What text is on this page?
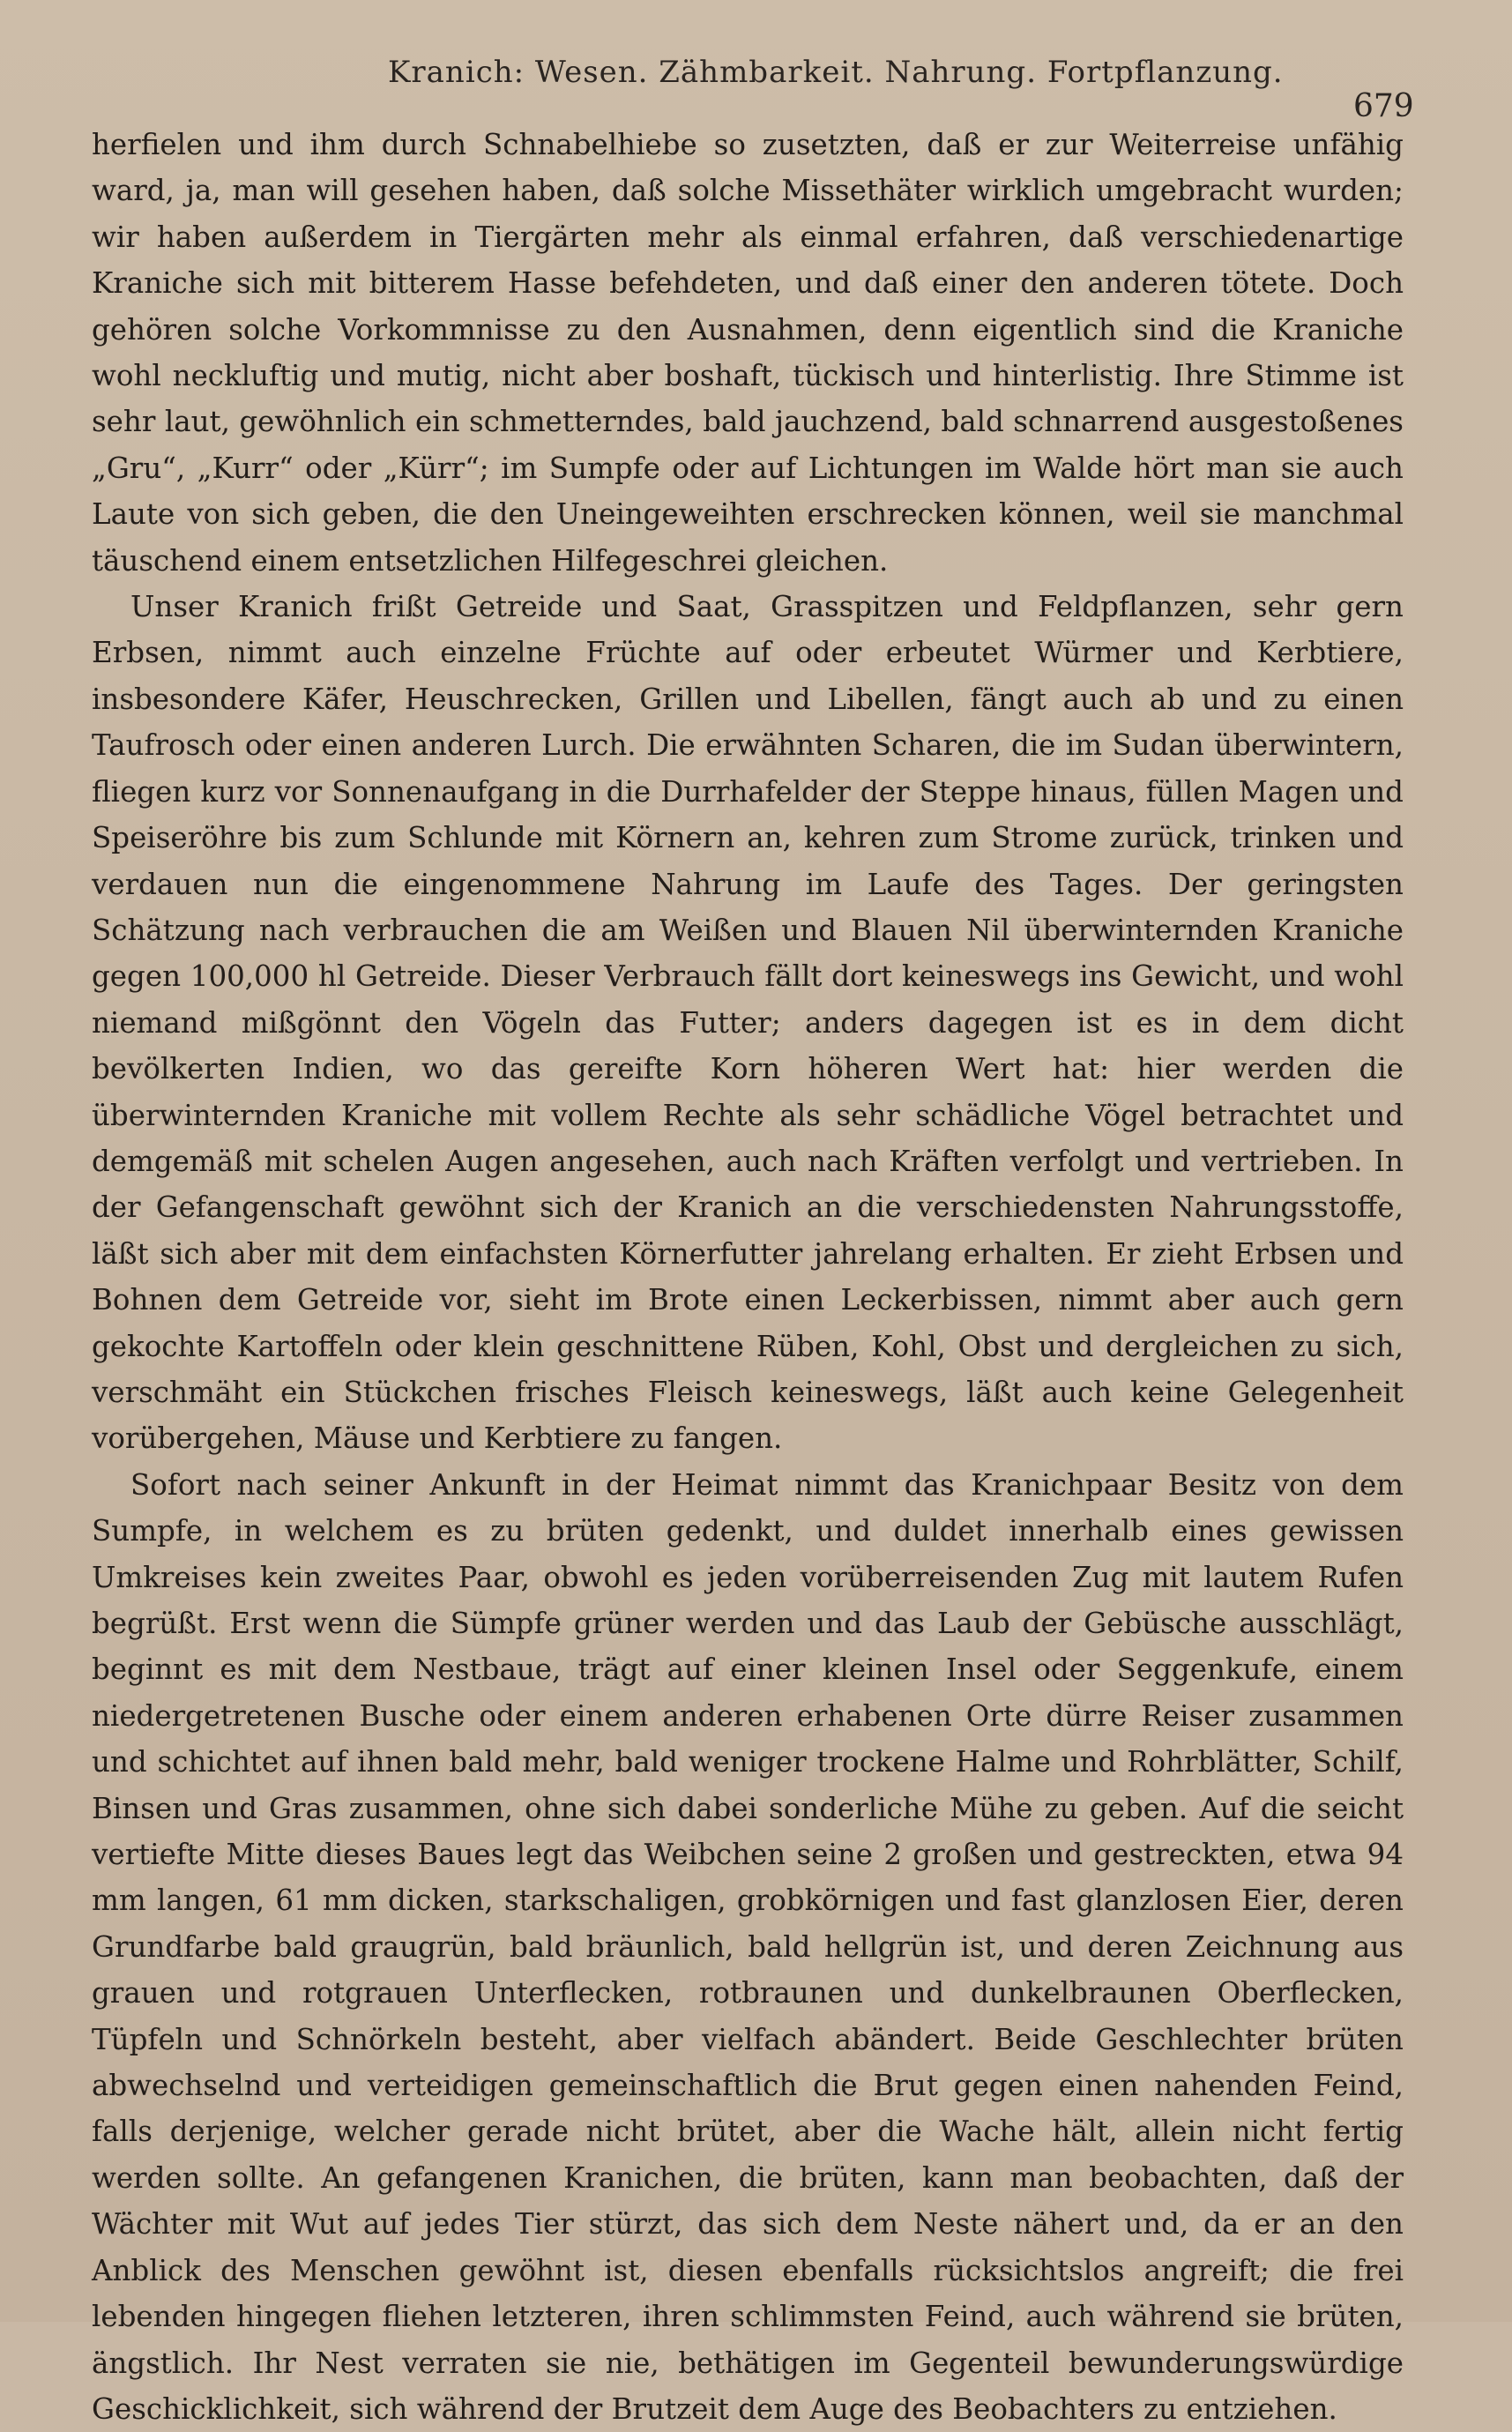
Kranich: Wesen. Zähmbarkeit. Nahrung. Fortpflanzung.
679

herfielen und ihm durch Schnabelhiebe so zusetzten, daß er zur Weiterreise unfähig ward, ja, man will gesehen haben, daß solche Missethäter wirklich umgebracht wurden; wir haben außerdem in Tiergärten mehr als einmal erfahren, daß verschiedenartige Kraniche sich mit bitterem Hasse befehdeten, und daß einer den anderen tötete. Doch gehören solche Vorkommnisse zu den Ausnahmen, denn eigentlich sind die Kraniche wohl neckluftig und mutig, nicht aber boshaft, tückisch und hinterlistig. Ihre Stimme ist sehr laut, gewöhnlich ein schmetterndes, bald jauchzend, bald schnarrend ausgestoßenes „Gru“, „Kurr“ oder „Kürr“; im Sumpfe oder auf Lichtungen im Walde hört man sie auch Laute von sich geben, die den Uneingeweihten erschrecken können, weil sie manchmal täuschend einem entsetzlichen Hilfegeschrei gleichen.

Unser Kranich frißt Getreide und Saat, Grasspitzen und Feldpflanzen, sehr gern Erbsen, nimmt auch einzelne Früchte auf oder erbeutet Würmer und Kerbtiere, insbesondere Käfer, Heuschrecken, Grillen und Libellen, fängt auch ab und zu einen Taufrosch oder einen anderen Lurch. Die erwähnten Scharen, die im Sudan überwintern, fliegen kurz vor Sonnenaufgang in die Durrhafelder der Steppe hinaus, füllen Magen und Speiseröhre bis zum Schlunde mit Körnern an, kehren zum Strome zurück, trinken und verdauen nun die eingenommene Nahrung im Laufe des Tages. Der geringsten Schätzung nach verbrauchen die am Weißen und Blauen Nil überwinternden Kraniche gegen 100,000 hl Getreide. Dieser Verbrauch fällt dort keineswegs ins Gewicht, und wohl niemand mißgönnt den Vögeln das Futter; anders dagegen ist es in dem dicht bevölkerten Indien, wo das gereifte Korn höheren Wert hat: hier werden die überwinternden Kraniche mit vollem Rechte als sehr schädliche Vögel betrachtet und demgemäß mit schelen Augen angesehen, auch nach Kräften verfolgt und vertrieben. In der Gefangenschaft gewöhnt sich der Kranich an die verschiedensten Nahrungsstoffe, läßt sich aber mit dem einfachsten Körnerfutter jahrelang erhalten. Er zieht Erbsen und Bohnen dem Getreide vor, sieht im Brote einen Leckerbissen, nimmt aber auch gern gekochte Kartoffeln oder klein geschnittene Rüben, Kohl, Obst und dergleichen zu sich, verschmäht ein Stückchen frisches Fleisch keineswegs, läßt auch keine Gelegenheit vorübergehen, Mäuse und Kerbtiere zu fangen.

Sofort nach seiner Ankunft in der Heimat nimmt das Kranichpaar Besitz von dem Sumpfe, in welchem es zu brüten gedenkt, und duldet innerhalb eines gewissen Umkreises kein zweites Paar, obwohl es jeden vorüberreisenden Zug mit lautem Rufen begrüßt. Erst wenn die Sümpfe grüner werden und das Laub der Gebüsche ausschlägt, beginnt es mit dem Nestbaue, trägt auf einer kleinen Insel oder Seggenkufe, einem niedergetretenen Busche oder einem anderen erhabenen Orte dürre Reiser zusammen und schichtet auf ihnen bald mehr, bald weniger trockene Halme und Rohrblätter, Schilf, Binsen und Gras zusammen, ohne sich dabei sonderliche Mühe zu geben. Auf die seicht vertiefte Mitte dieses Baues legt das Weibchen seine 2 großen und gestreckten, etwa 94 mm langen, 61 mm dicken, starkschaligen, grobkörnigen und fast glanzlosen Eier, deren Grundfarbe bald graugrün, bald bräunlich, bald hellgrün ist, und deren Zeichnung aus grauen und rotgrauen Unterflecken, rotbraunen und dunkelbraunen Oberflecken, Tüpfeln und Schnörkeln besteht, aber vielfach abändert. Beide Geschlechter brüten abwechselnd und verteidigen gemeinschaftlich die Brut gegen einen nahenden Feind, falls derjenige, welcher gerade nicht brütet, aber die Wache hält, allein nicht fertig werden sollte. An gefangenen Kranichen, die brüten, kann man beobachten, daß der Wächter mit Wut auf jedes Tier stürzt, das sich dem Neste nähert und, da er an den Anblick des Menschen gewöhnt ist, diesen ebenfalls rücksichtslos angreift; die frei lebenden hingegen fliehen letzteren, ihren schlimmsten Feind, auch während sie brüten, ängstlich. Ihr Nest verraten sie nie, bethätigen im Gegenteil bewunderungswürdige Geschicklichkeit, sich während der Brutzeit dem Auge des Beobachters zu entziehen.
